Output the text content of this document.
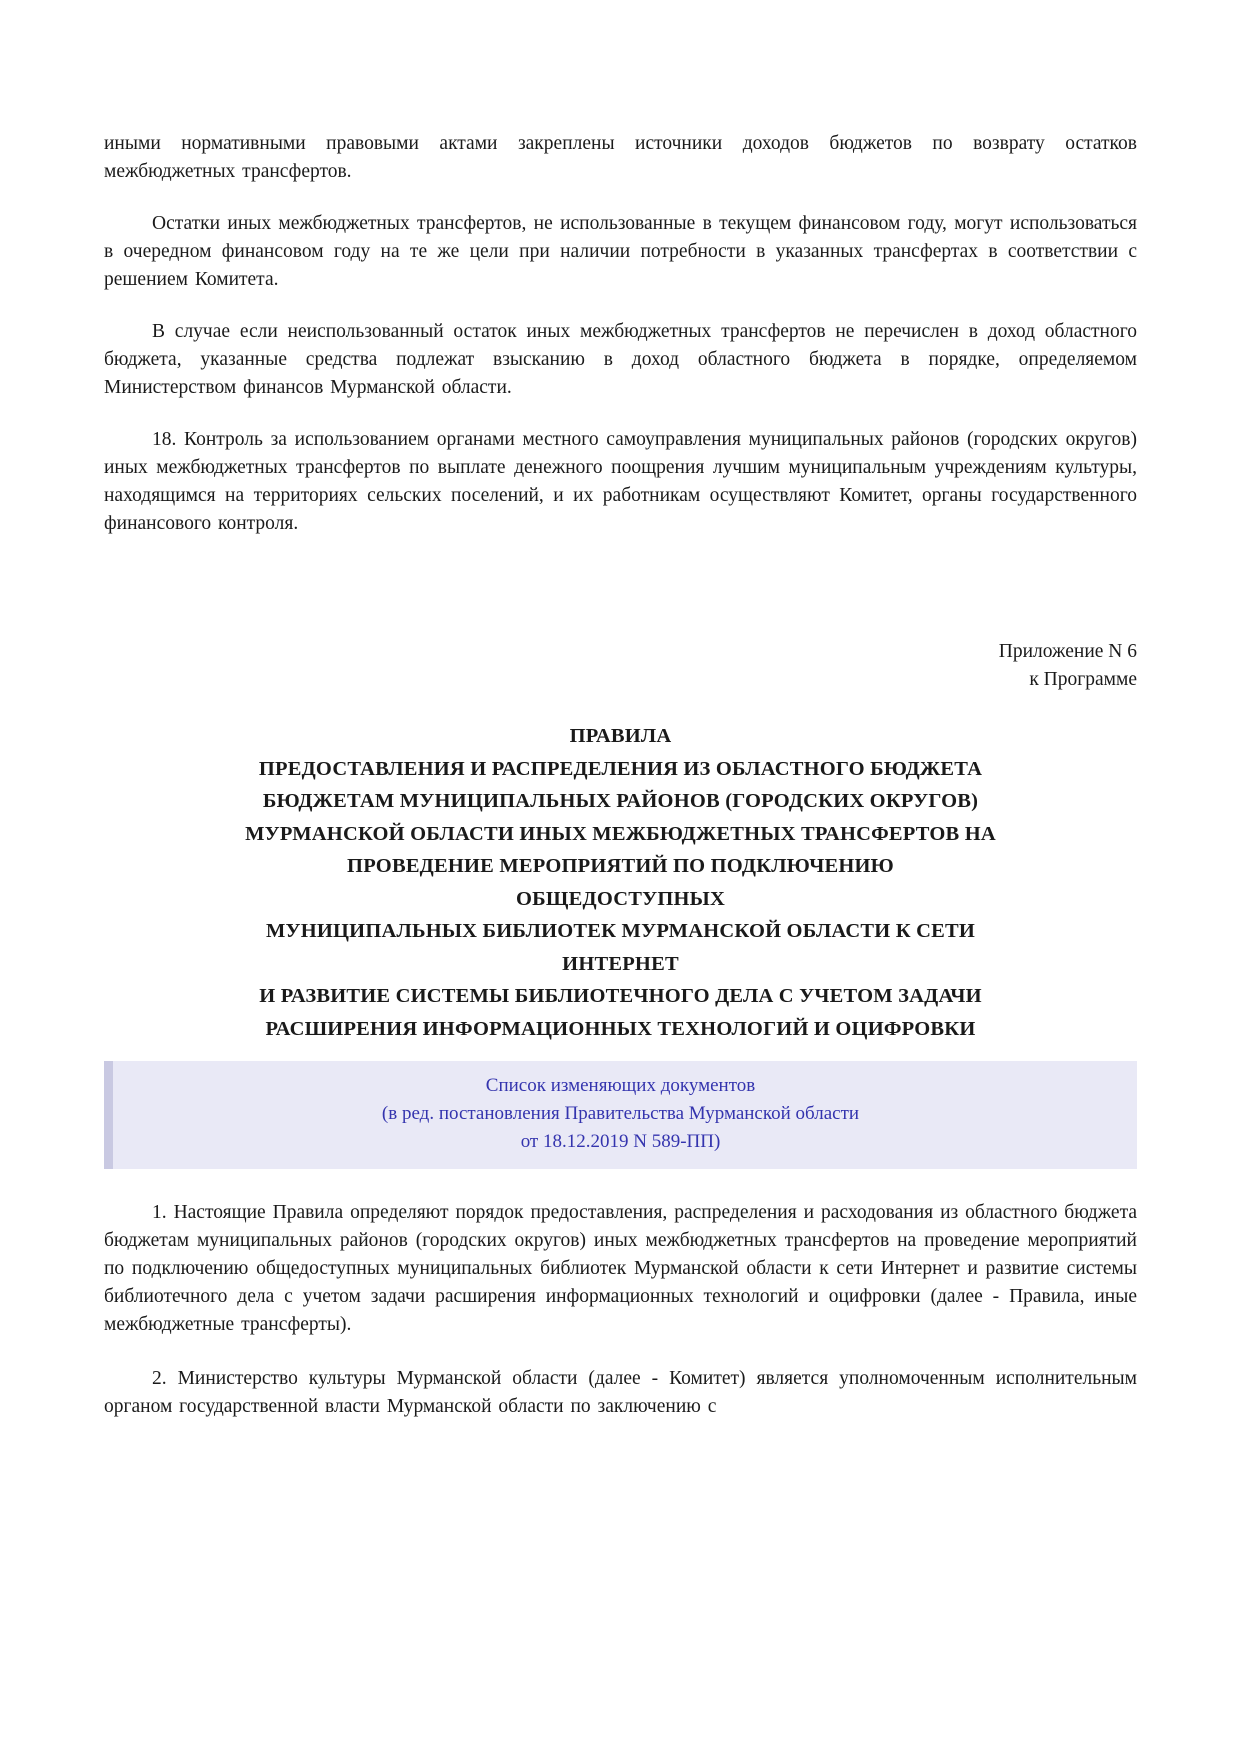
иными нормативными правовыми актами закреплены источники доходов бюджетов по возврату остатков межбюджетных трансфертов.

Остатки иных межбюджетных трансфертов, не использованные в текущем финансовом году, могут использоваться в очередном финансовом году на те же цели при наличии потребности в указанных трансфертах в соответствии с решением Комитета.

В случае если неиспользованный остаток иных межбюджетных трансфертов не перечислен в доход областного бюджета, указанные средства подлежат взысканию в доход областного бюджета в порядке, определяемом Министерством финансов Мурманской области.

18. Контроль за использованием органами местного самоуправления муниципальных районов (городских округов) иных межбюджетных трансфертов по выплате денежного поощрения лучшим муниципальным учреждениям культуры, находящимся на территориях сельских поселений, и их работникам осуществляют Комитет, органы государственного финансового контроля.

Приложение N 6
к Программе
ПРАВИЛА
ПРЕДОСТАВЛЕНИЯ И РАСПРЕДЕЛЕНИЯ ИЗ ОБЛАСТНОГО БЮДЖЕТА
БЮДЖЕТАМ МУНИЦИПАЛЬНЫХ РАЙОНОВ (ГОРОДСКИХ ОКРУГОВ)
МУРМАНСКОЙ ОБЛАСТИ ИНЫХ МЕЖБЮДЖЕТНЫХ ТРАНСФЕРТОВ НА
ПРОВЕДЕНИЕ МЕРОПРИЯТИЙ ПО ПОДКЛЮЧЕНИЮ
ОБЩЕДОСТУПНЫХ
МУНИЦИПАЛЬНЫХ БИБЛИОТЕК МУРМАНСКОЙ ОБЛАСТИ К СЕТИ
ИНТЕРНЕТ
И РАЗВИТИЕ СИСТЕМЫ БИБЛИОТЕЧНОГО ДЕЛА С УЧЕТОМ ЗАДАЧИ
РАСШИРЕНИЯ ИНФОРМАЦИОННЫХ ТЕХНОЛОГИЙ И ОЦИФРОВКИ
Список изменяющих документов
(в ред. постановления Правительства Мурманской области
от 18.12.2019 N 589-ПП)

1. Настоящие Правила определяют порядок предоставления, распределения и расходования из областного бюджета бюджетам муниципальных районов (городских округов) иных межбюджетных трансфертов на проведение мероприятий по подключению общедоступных муниципальных библиотек Мурманской области к сети Интернет и развитие системы библиотечного дела с учетом задачи расширения информационных технологий и оцифровки (далее - Правила, иные межбюджетные трансферты).

2. Министерство культуры Мурманской области (далее - Комитет) является уполномоченным исполнительным органом государственной власти Мурманской области по заключению с
